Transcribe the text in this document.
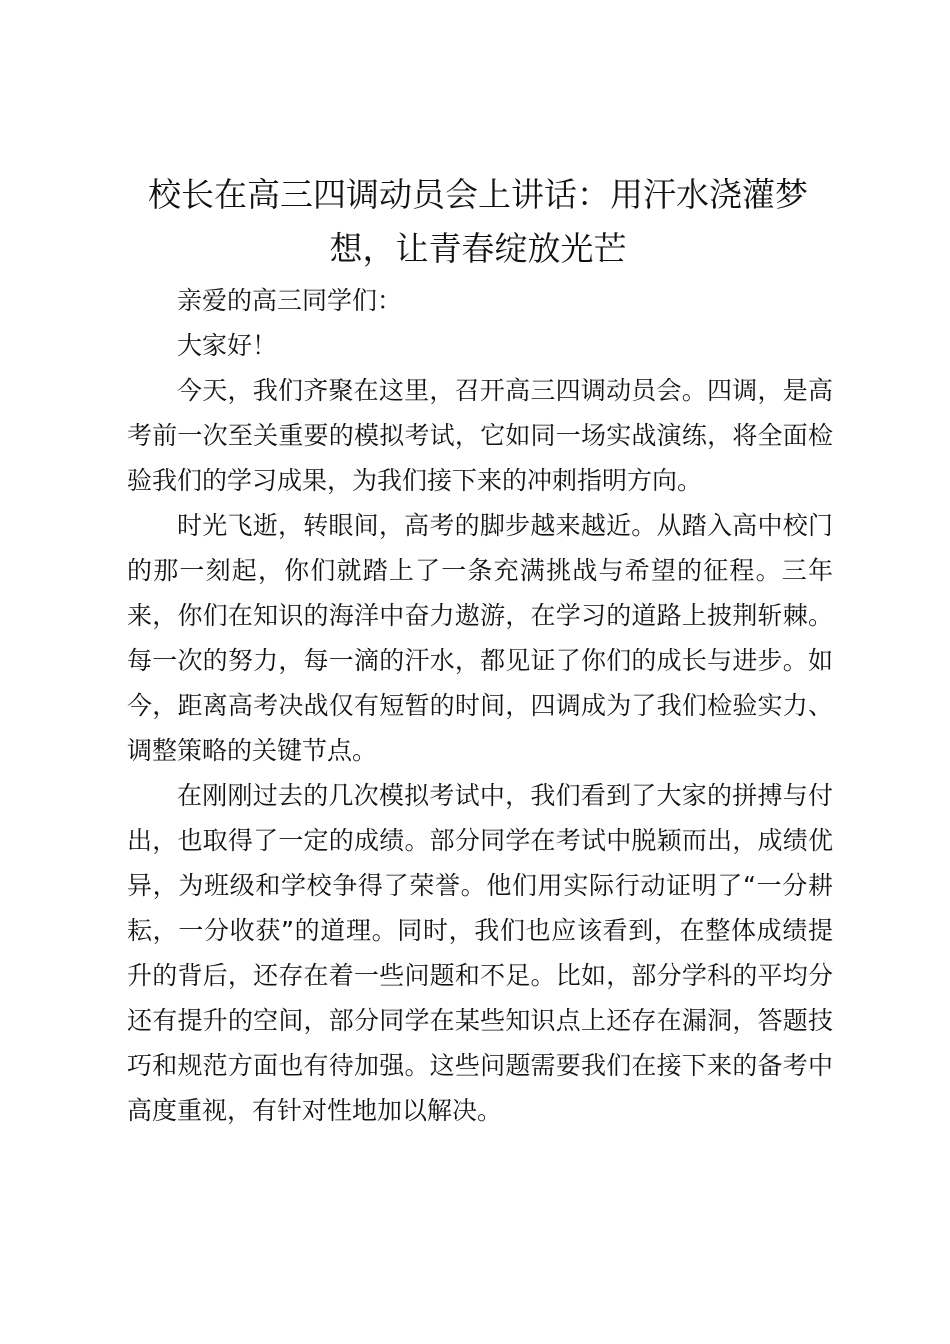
校长在高三四调动员会上讲话：用汗水浇灌梦想，让青春绽放光芒

亲爱的高三同学们：

大家好！

今天，我们齐聚在这里，召开高三四调动员会。四调，是高考前一次至关重要的模拟考试，它如同一场实战演练，将全面检验我们的学习成果，为我们接下来的冲刺指明方向。

时光飞逝，转眼间，高考的脚步越来越近。从踏入高中校门的那一刻起，你们就踏上了一条充满挑战与希望的征程。三年来，你们在知识的海洋中奋力遨游，在学习的道路上披荆斩棘。每一次的努力，每一滴的汗水，都见证了你们的成长与进步。如今，距离高考决战仅有短暂的时间，四调成为了我们检验实力、调整策略的关键节点。

在刚刚过去的几次模拟考试中，我们看到了大家的拼搏与付出，也取得了一定的成绩。部分同学在考试中脱颖而出，成绩优异，为班级和学校争得了荣誉。他们用实际行动证明了“一分耕耘，一分收获”的道理。同时，我们也应该看到，在整体成绩提升的背后，还存在着一些问题和不足。比如，部分学科的平均分还有提升的空间，部分同学在某些知识点上还存在漏洞，答题技巧和规范方面也有待加强。这些问题需要我们在接下来的备考中高度重视，有针对性地加以解决。
